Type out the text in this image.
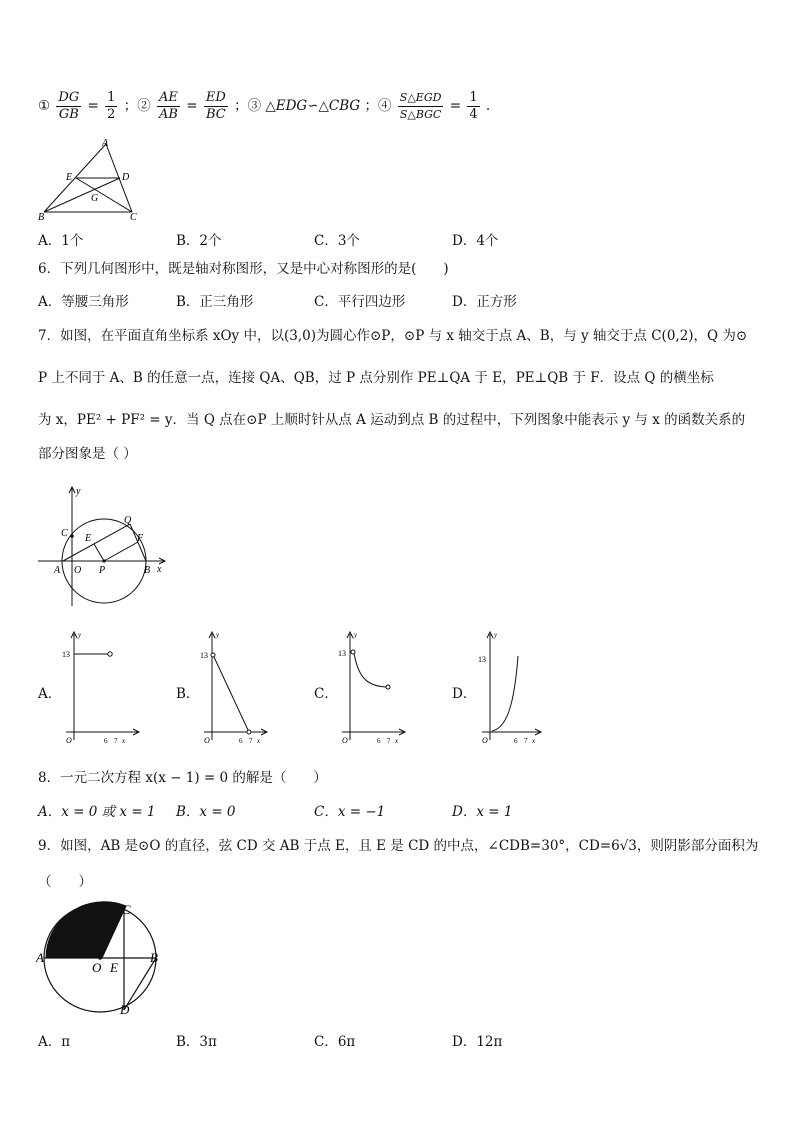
① $\frac{DG}{GB} = \frac{1}{2}$ ；② $\frac{AE}{AB} = \frac{ED}{BC}$ ；③ △EDG∽△CBG ；④ $\frac{\text{S△EGD}}{\text{S△BGC}} = \frac{1}{4}$ .
A
E	D
G
B	C
A．1个	B．2个	C．3个	D．4个
6．下列几何图形中，既是轴对称图形，又是中心对称图形的是(　　)
A．等腰三角形	B．正三角形	C．平行四边形	D．正方形
7．如图，在平面直角坐标系 xOy 中，以(3,0)为圆心作⊙P，⊙P 与 x 轴交于点 A、B，与 y 轴交于点 C(0,2)，Q 为⊙
P 上不同于 A、B 的任意一点，连接 QA、QB，过 P 点分别作 PE⊥QA 于 E，PE⊥QB 于 F．设点 Q 的横坐标
为 x，PE² + PF² = y．当 Q 点在⊙P 上顺时针从点 A 运动到点 B 的过程中，下列图象中能表示 y 与 x 的函数关系的
部分图象是（ ）
y
x
C
Q
E	F
A O P	B
A．
y
13
O	6 7 x
B．
y
13
O	6 7 x
C．
y
13
O	6 7 x
D．
y
13
O	6 7 x
8．一元二次方程 x(x − 1) = 0 的解是（　　）
A．x = 0 或 x = 1 B．x = 0	C．x = −1	D．x = 1
9．如图，AB 是⊙O 的直径，弦 CD 交 AB 于点 E，且 E 是 CD 的中点，∠CDB=30°，CD=6√3，则阴影部分面积为
（　　）
A	B
C
D
O E
A．π	B．3π	C．6π	D．12π
